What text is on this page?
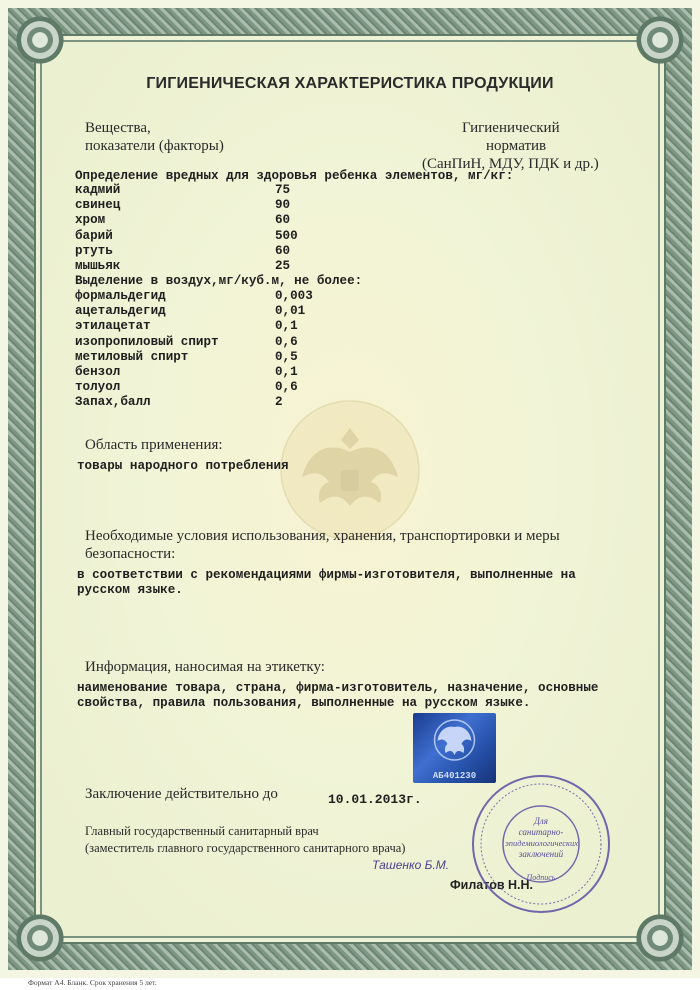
ГИГИЕНИЧЕСКАЯ ХАРАКТЕРИСТИКА ПРОДУКЦИИ
Вещества,
показатели (факторы)
Гигиенический
норматив
(СанПиН, МДУ, ПДК и др.)
Определение вредных для здоровья ребенка элементов, мг/кг:
кадмий	75
свинец	90
хром	60
барий	500
ртуть	60
мышьяк	25
Выделение в воздух,мг/куб.м, не более:
формальдегид	0,003
ацетальдегид	0,01
этилацетат	0,1
изопропиловый спирт	0,6
метиловый спирт	0,5
бензол	0,1
толуол	0,6
Запах,балл	2
Область применения:
товары народного потребления
Необходимые условия использования, хранения, транспортировки и меры
безопасности:
в соответствии с рекомендациями фирмы-изготовителя, выполненные на
русском языке.
Информация, наносимая на этикетку:
наименование товара, страна, фирма-изготовитель, назначение, основные
свойства, правила пользования, выполненные на русском языке.
АБ401230
Заключение действительно до	10.01.2013г.
Главный государственный санитарный врач
(заместитель главного государственного санитарного врача)
Ташенко Б.М.
Филатов Н.Н.
Для
санитарно-
эпидемиологических
заключений
Подпись
Формат А4. Бланк. Срок хранения 5 лет.
